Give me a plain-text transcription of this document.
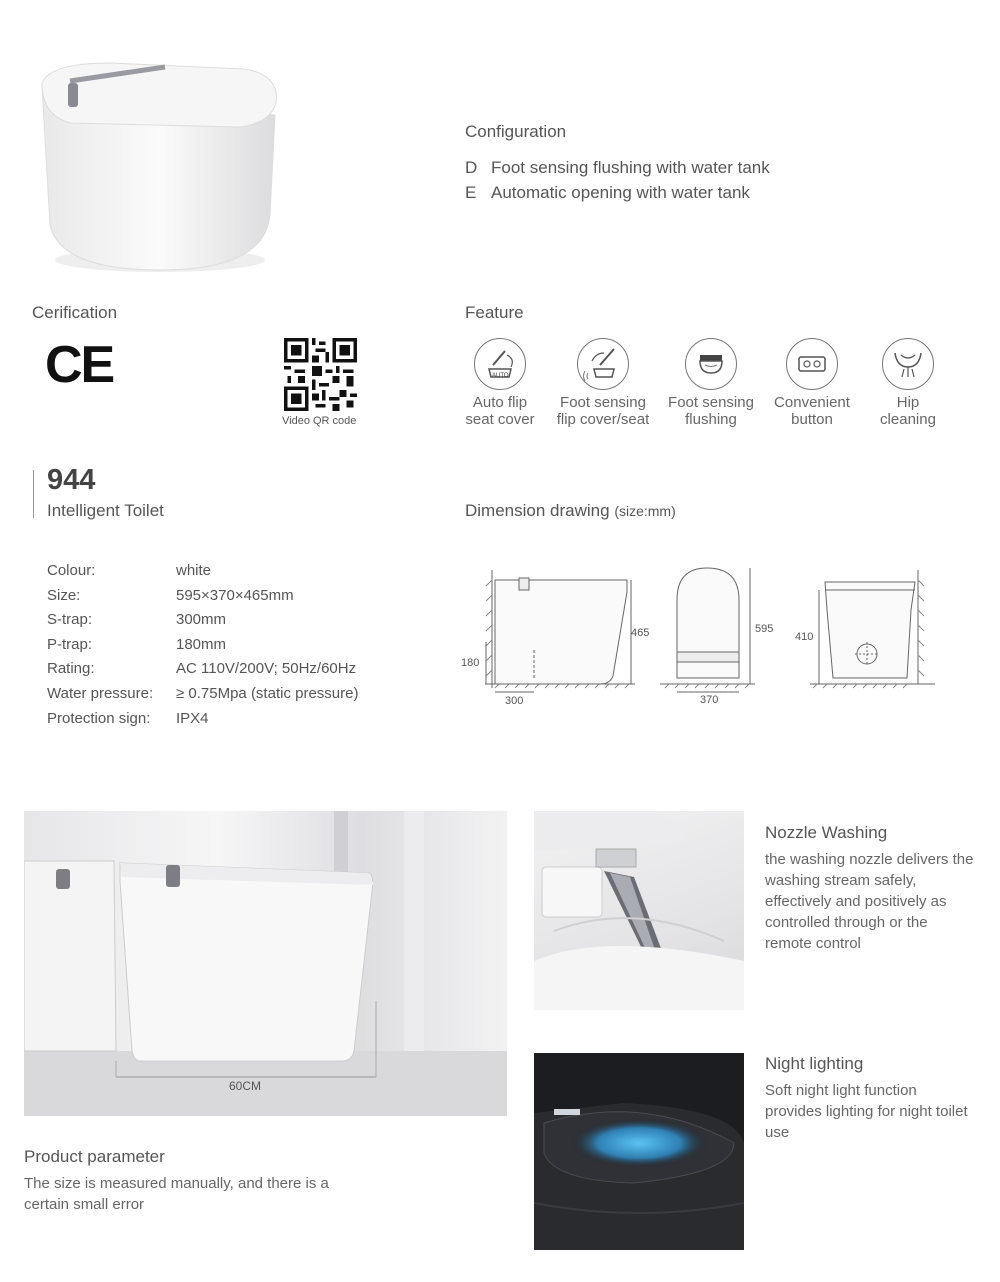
Configuration
D Foot sensing flushing with water tank
E Automatic opening with water tank
Cerification
CE
Video QR code
Feature
AUTO
Auto flip
seat cover
Foot sensing
flip cover/seat
Foot sensing
flushing
Convenient
button
Hip
cleaning
944
Intelligent Toilet
Colour:	white
Size:	595×370×465mm
S-trap:	300mm
P-trap:	180mm
Rating:	AC 110V/200V; 50Hz/60Hz
Water pressure:	≥ 0.75Mpa (static pressure)
Protection sign:	IPX4
Dimension drawing (size:mm)
465
180
300
595
370
410
60CM
Product parameter
The size is measured manually, and there is a certain small error
Nozzle Washing
the washing nozzle delivers the washing stream safely, effectively and positively as controlled through or the remote control
Night lighting
Soft night light function provides lighting for night toilet use
